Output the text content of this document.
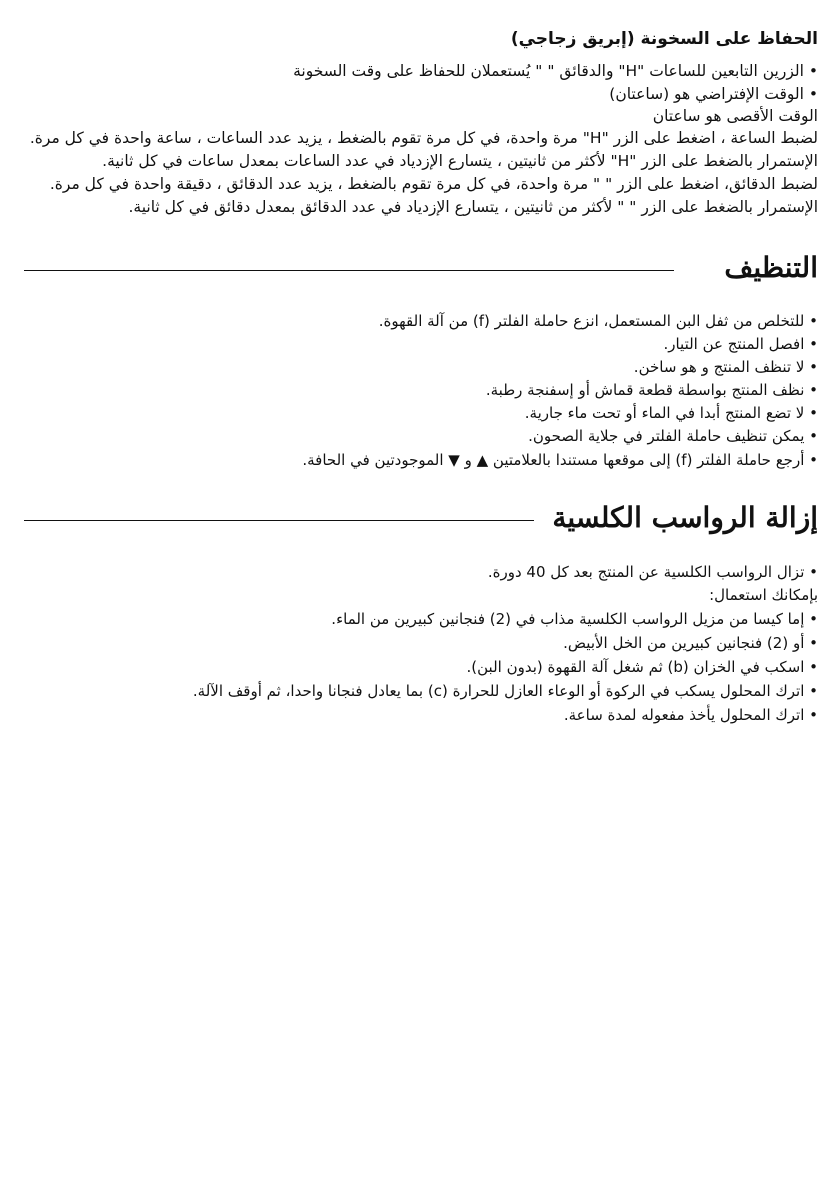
الحفاظ على السخونة (إبريق زجاجي)
• الزرين التابعين للساعات "H" والدقائق " " يُستعملان للحفاظ على وقت السخونة
• الوقت الإفتراضي هو (ساعتان)
الوقت الأقصى هو ساعتان
لضبط الساعة ، اضغط على الزر "H" مرة واحدة، في كل مرة تقوم بالضغط ، يزيد عدد الساعات ، ساعة واحدة في كل مرة.
الإستمرار بالضغط على الزر "H" لأكثر من ثانيتين ، يتسارع الإزدياد في عدد الساعات بمعدل ساعات في كل ثانية.
لضبط الدقائق، اضغط على الزر " " مرة واحدة، في كل مرة تقوم بالضغط ، يزيد عدد الدقائق ، دقيقة واحدة في كل مرة.
الإستمرار بالضغط على الزر " " لأكثر من ثانيتين ، يتسارع الإزدياد في عدد الدقائق بمعدل دقائق في كل ثانية.
التنظيف
• للتخلص من ثفل البن المستعمل، انزع حاملة الفلتر (f) من آلة القهوة.
• افصل المنتج عن التيار.
• لا تنظف المنتج و هو ساخن.
• نظف المنتج بواسطة قطعة قماش أو إسفنجة رطبة.
• لا تضع المنتج أبدا في الماء أو تحت ماء جارية.
• يمكن تنظيف حاملة الفلتر في جلاية الصحون.
• أرجع حاملة الفلتر (f) إلى موقعها مستندا بالعلامتين ▲ و ▼ الموجودتين في الحافة.
إزالة الرواسب الكلسية
• تزال الرواسب الكلسية عن المنتج بعد كل 40 دورة.
بإمكانك استعمال:
• إما كيسا من مزيل الرواسب الكلسية مذاب في (2) فنجانين كبيرين من الماء.
• أو (2) فنجانين كبيرين من الخل الأبيض.
• اسكب في الخزان (b) ثم شغل آلة القهوة (بدون البن).
• اترك المحلول يسكب في الركوة أو الوعاء العازل للحرارة (c) بما يعادل فنجانا واحدا، ثم أوقف الآلة.
• اترك المحلول يأخذ مفعوله لمدة ساعة.
